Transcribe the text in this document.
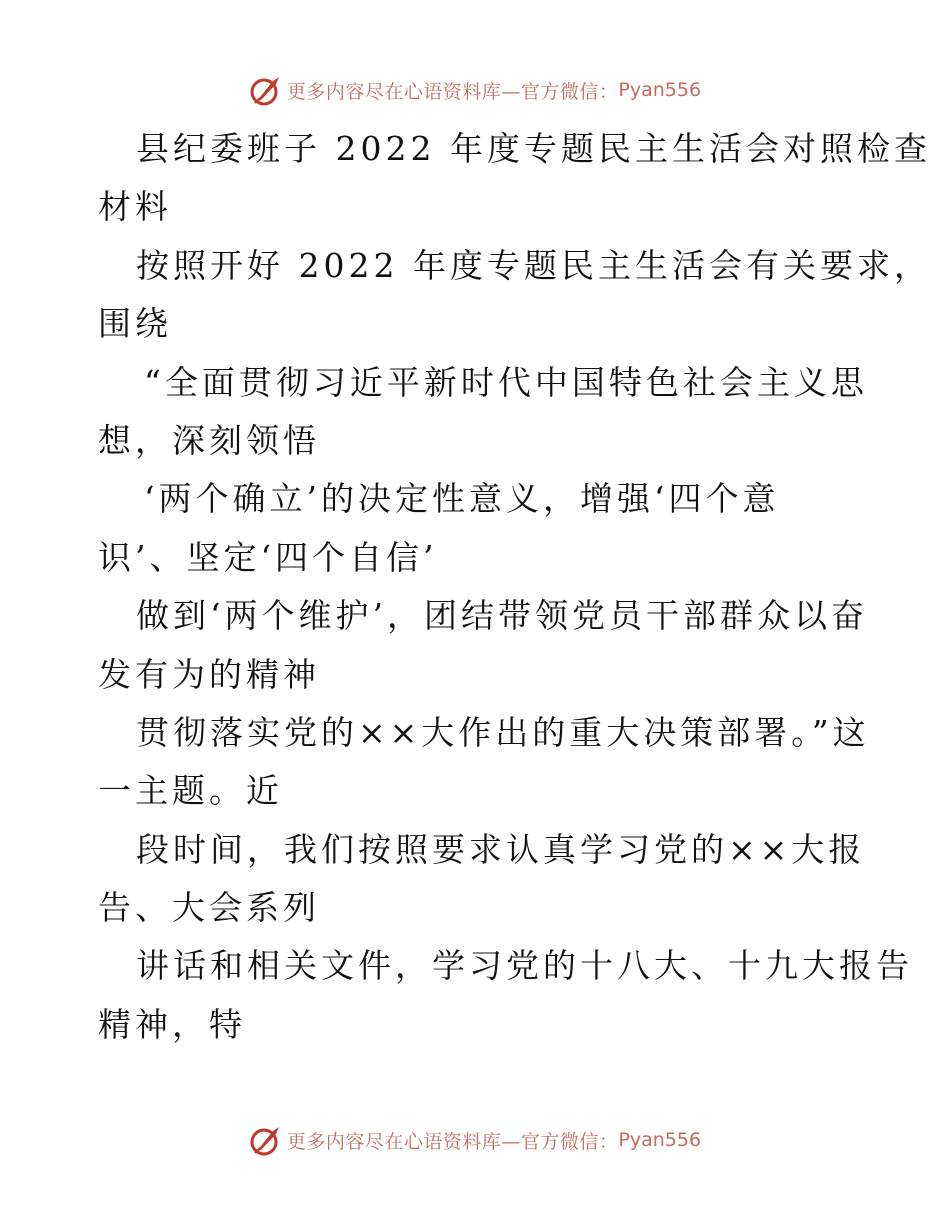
更多内容尽在心语资料库—官方微信： Pyan556
县纪委班子 2022 年度专题民主生活会对照检查
材料
按照开好 2022 年度专题民主生活会有关要求，
围绕
“全面贯彻习近平新时代中国特色社会主义思
想，深刻领悟
‘两个确立’的决定性意义，增强‘四个意
识’、坚定‘四个自信’
做到‘两个维护’，团结带领党员干部群众以奋
发有为的精神
贯彻落实党的××大作出的重大决策部署。”这
一主题。近
段时间，我们按照要求认真学习党的××大报
告、大会系列
讲话和相关文件，学习党的十八大、十九大报告
精神，特
更多内容尽在心语资料库—官方微信： Pyan556
